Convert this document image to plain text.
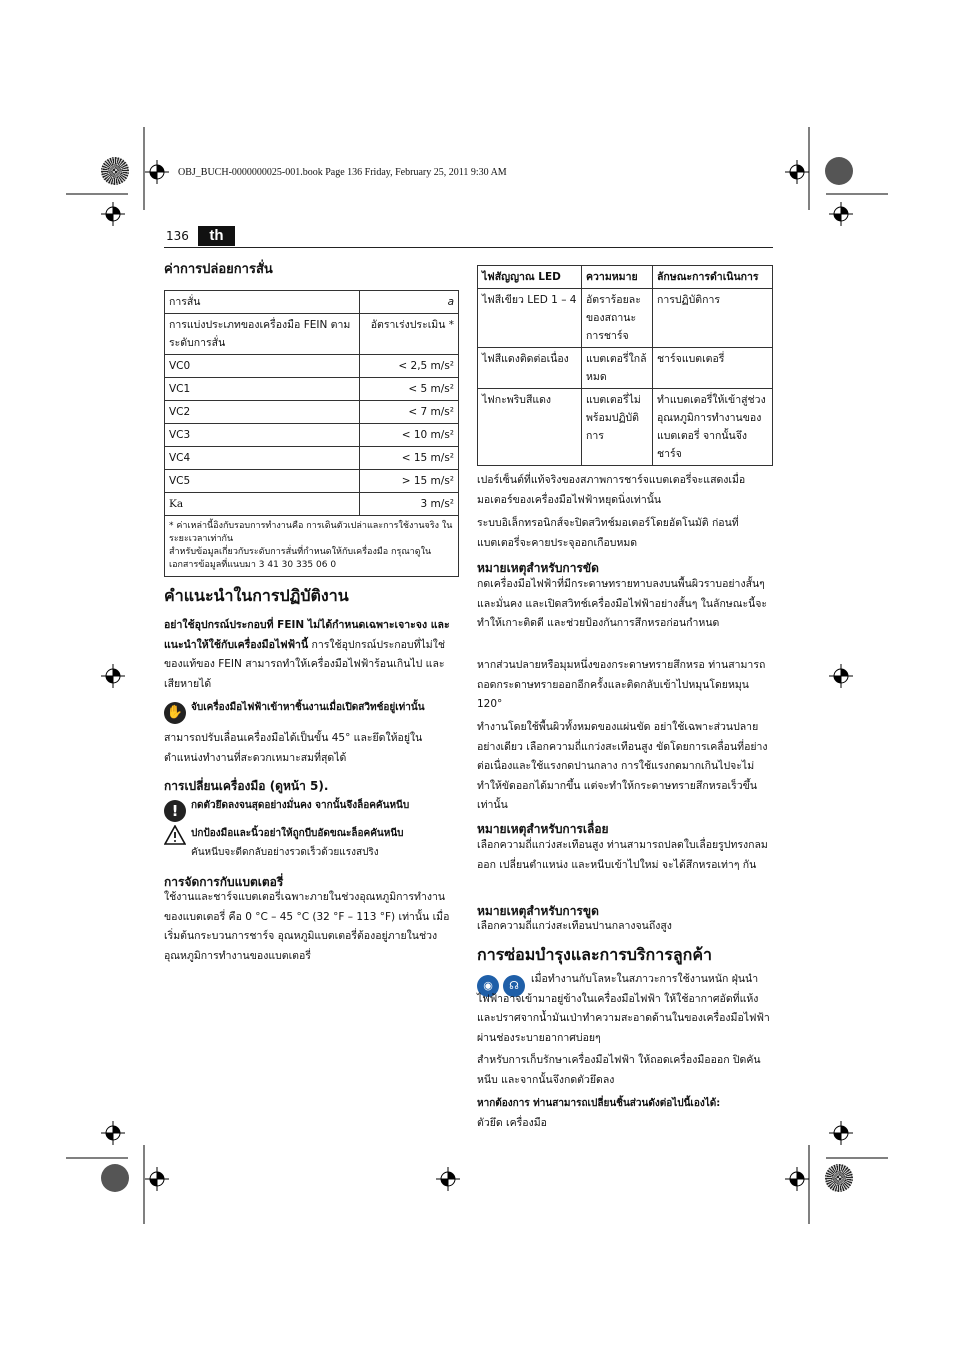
OBJ_BUCH-0000000025-001.book Page 136 Friday, February 25, 2011 9:30 AM
136	th
ค่าการปล่อยการสั่น
การสั่น	a
การแบ่งประเภทของเครื่องมือ FEIN ตามระดับการสั่น	อัตราเร่งประเมิน *
VC0	< 2,5 m/s²
VC1	< 5 m/s²
VC2	< 7 m/s²
VC3	< 10 m/s²
VC4	< 15 m/s²
VC5	> 15 m/s²
Ka	3 m/s²

* ค่าเหล่านี้อิงกับรอบการทำงานคือ การเดินตัวเปล่าและการใช้งานจริง ในระยะเวลาเท่ากัน
สำหรับข้อมูลเกี่ยวกับระดับการสั่นที่กำหนดให้กับเครื่องมือ กรุณาดูในเอกสารข้อมูลที่แนบมา 3 41 30 335 06 0	
คำแนะนำในการปฏิบัติงาน
อย่าใช้อุปกรณ์ประกอบที่ FEIN ไม่ได้กำหนดเฉพาะเจาะจง และแนะนำให้ใช้กับเครื่องมือไฟฟ้านี้ การใช้อุปกรณ์ประกอบที่ไม่ใช่ของแท้ของ FEIN สามารถทำให้เครื่องมือไฟฟ้าร้อนเกินไป และเสียหายได้
✋ จับเครื่องมือไฟฟ้าเข้าหาชิ้นงานเมื่อเปิดสวิทช์อยู่เท่านั้น
สามารถปรับเลื่อนเครื่องมือได้เป็นขั้น 45° และยึดให้อยู่ในตำแหน่งทำงานที่สะดวกเหมาะสมที่สุดได้
การเปลี่ยนเครื่องมือ (ดูหน้า 5).
!	กดตัวยึดลงจนสุดอย่างมั่นคง จากนั้นจึงล็อคคันหนีบ
ปกป้องมือและนิ้วอย่าให้ถูกบีบอัดขณะล็อคคันหนีบ
คันหนีบจะดีดกลับอย่างรวดเร็วด้วยแรงสปริง
การจัดการกับแบตเตอรี่
ใช้งานและชาร์จแบตเตอรี่เฉพาะภายในช่วงอุณหภูมิการทำงานของแบตเตอรี่ คือ 0 °C – 45 °C (32 °F – 113 °F) เท่านั้น เมื่อเริ่มต้นกระบวนการชาร์จ อุณหภูมิแบตเตอรี่ต้องอยู่ภายในช่วงอุณหภูมิการทำงานของแบตเตอรี่
ไฟสัญญาณ LED	ความหมาย	ลักษณะการดำเนินการ
ไฟสีเขียว LED 1 – 4	อัตราร้อยละของสถานะการชาร์จ	การปฏิบัติการ
ไฟสีแดงติดต่อเนื่อง	แบตเตอรี่ใกล้หมด	ชาร์จแบตเตอรี่
ไฟกะพริบสีแดง	แบตเตอรี่ไม่พร้อมปฏิบัติการ	ทำแบตเตอรี่ให้เข้าสู่ช่วงอุณหภูมิการทำงานของแบตเตอรี่ จากนั้นจึงชาร์จ
เปอร์เซ็นต์ที่แท้จริงของสภาพการชาร์จแบตเตอรี่จะแสดงเมื่อมอเตอร์ของเครื่องมือไฟฟ้าหยุดนิ่งเท่านั้น
ระบบอิเล็กทรอนิกส์จะปิดสวิทช์มอเตอร์โดยอัตโนมัติ ก่อนที่แบตเตอรี่จะคายประจุออกเกือบหมด
หมายเหตุสำหรับการขัด
กดเครื่องมือไฟฟ้าที่มีกระดาษทรายทาบลงบนพื้นผิวราบอย่างสั้นๆ และมั่นคง และเปิดสวิทช์เครื่องมือไฟฟ้าอย่างสั้นๆ ในลักษณะนี้จะทำให้เกาะติดดี และช่วยป้องกันการสึกหรอก่อนกำหนด
หากส่วนปลายหรือมุมหนึ่งของกระดาษทรายสึกหรอ ท่านสามารถถอดกระดาษทรายออกอีกครั้งและติดกลับเข้าไปหมุนโดยหมุน 120°
ทำงานโดยใช้พื้นผิวทั้งหมดของแผ่นขัด อย่าใช้เฉพาะส่วนปลายอย่างเดียว เลือกความถี่แกว่งสะเทือนสูง ขัดโดยการเคลื่อนที่อย่างต่อเนื่องและใช้แรงกดปานกลาง การใช้แรงกดมากเกินไปจะไม่ทำให้ขัดออกได้มากขึ้น แต่จะทำให้กระดาษทรายสึกหรอเร็วขึ้นเท่านั้น
หมายเหตุสำหรับการเลื่อย
เลือกความถี่แกว่งสะเทือนสูง ท่านสามารถปลดใบเลื่อยรูปทรงกลมออก เปลี่ยนตำแหน่ง และหนีบเข้าไปใหม่ จะได้สึกหรอเท่าๆ กัน
หมายเหตุสำหรับการขูด
เลือกความถี่แกว่งสะเทือนปานกลางจนถึงสูง
การซ่อมบำรุงและการบริการลูกค้า
◉	☊	เมื่อทำงานกับโลหะในสภาวะการใช้งานหนัก ฝุ่นนำไฟฟ้าอาจเข้ามาอยู่ข้างในเครื่องมือไฟฟ้า ให้ใช้อากาศอัดที่แห้งและปราศจากน้ำมันเป่าทำความสะอาดด้านในของเครื่องมือไฟฟ้าผ่านช่องระบายอากาศบ่อยๆ
สำหรับการเก็บรักษาเครื่องมือไฟฟ้า ให้ถอดเครื่องมือออก ปิดคันหนีบ และจากนั้นจึงกดตัวยึดลง
หากต้องการ ท่านสามารถเปลี่ยนชิ้นส่วนดังต่อไปนี้เองได้:
ตัวยึด เครื่องมือ
